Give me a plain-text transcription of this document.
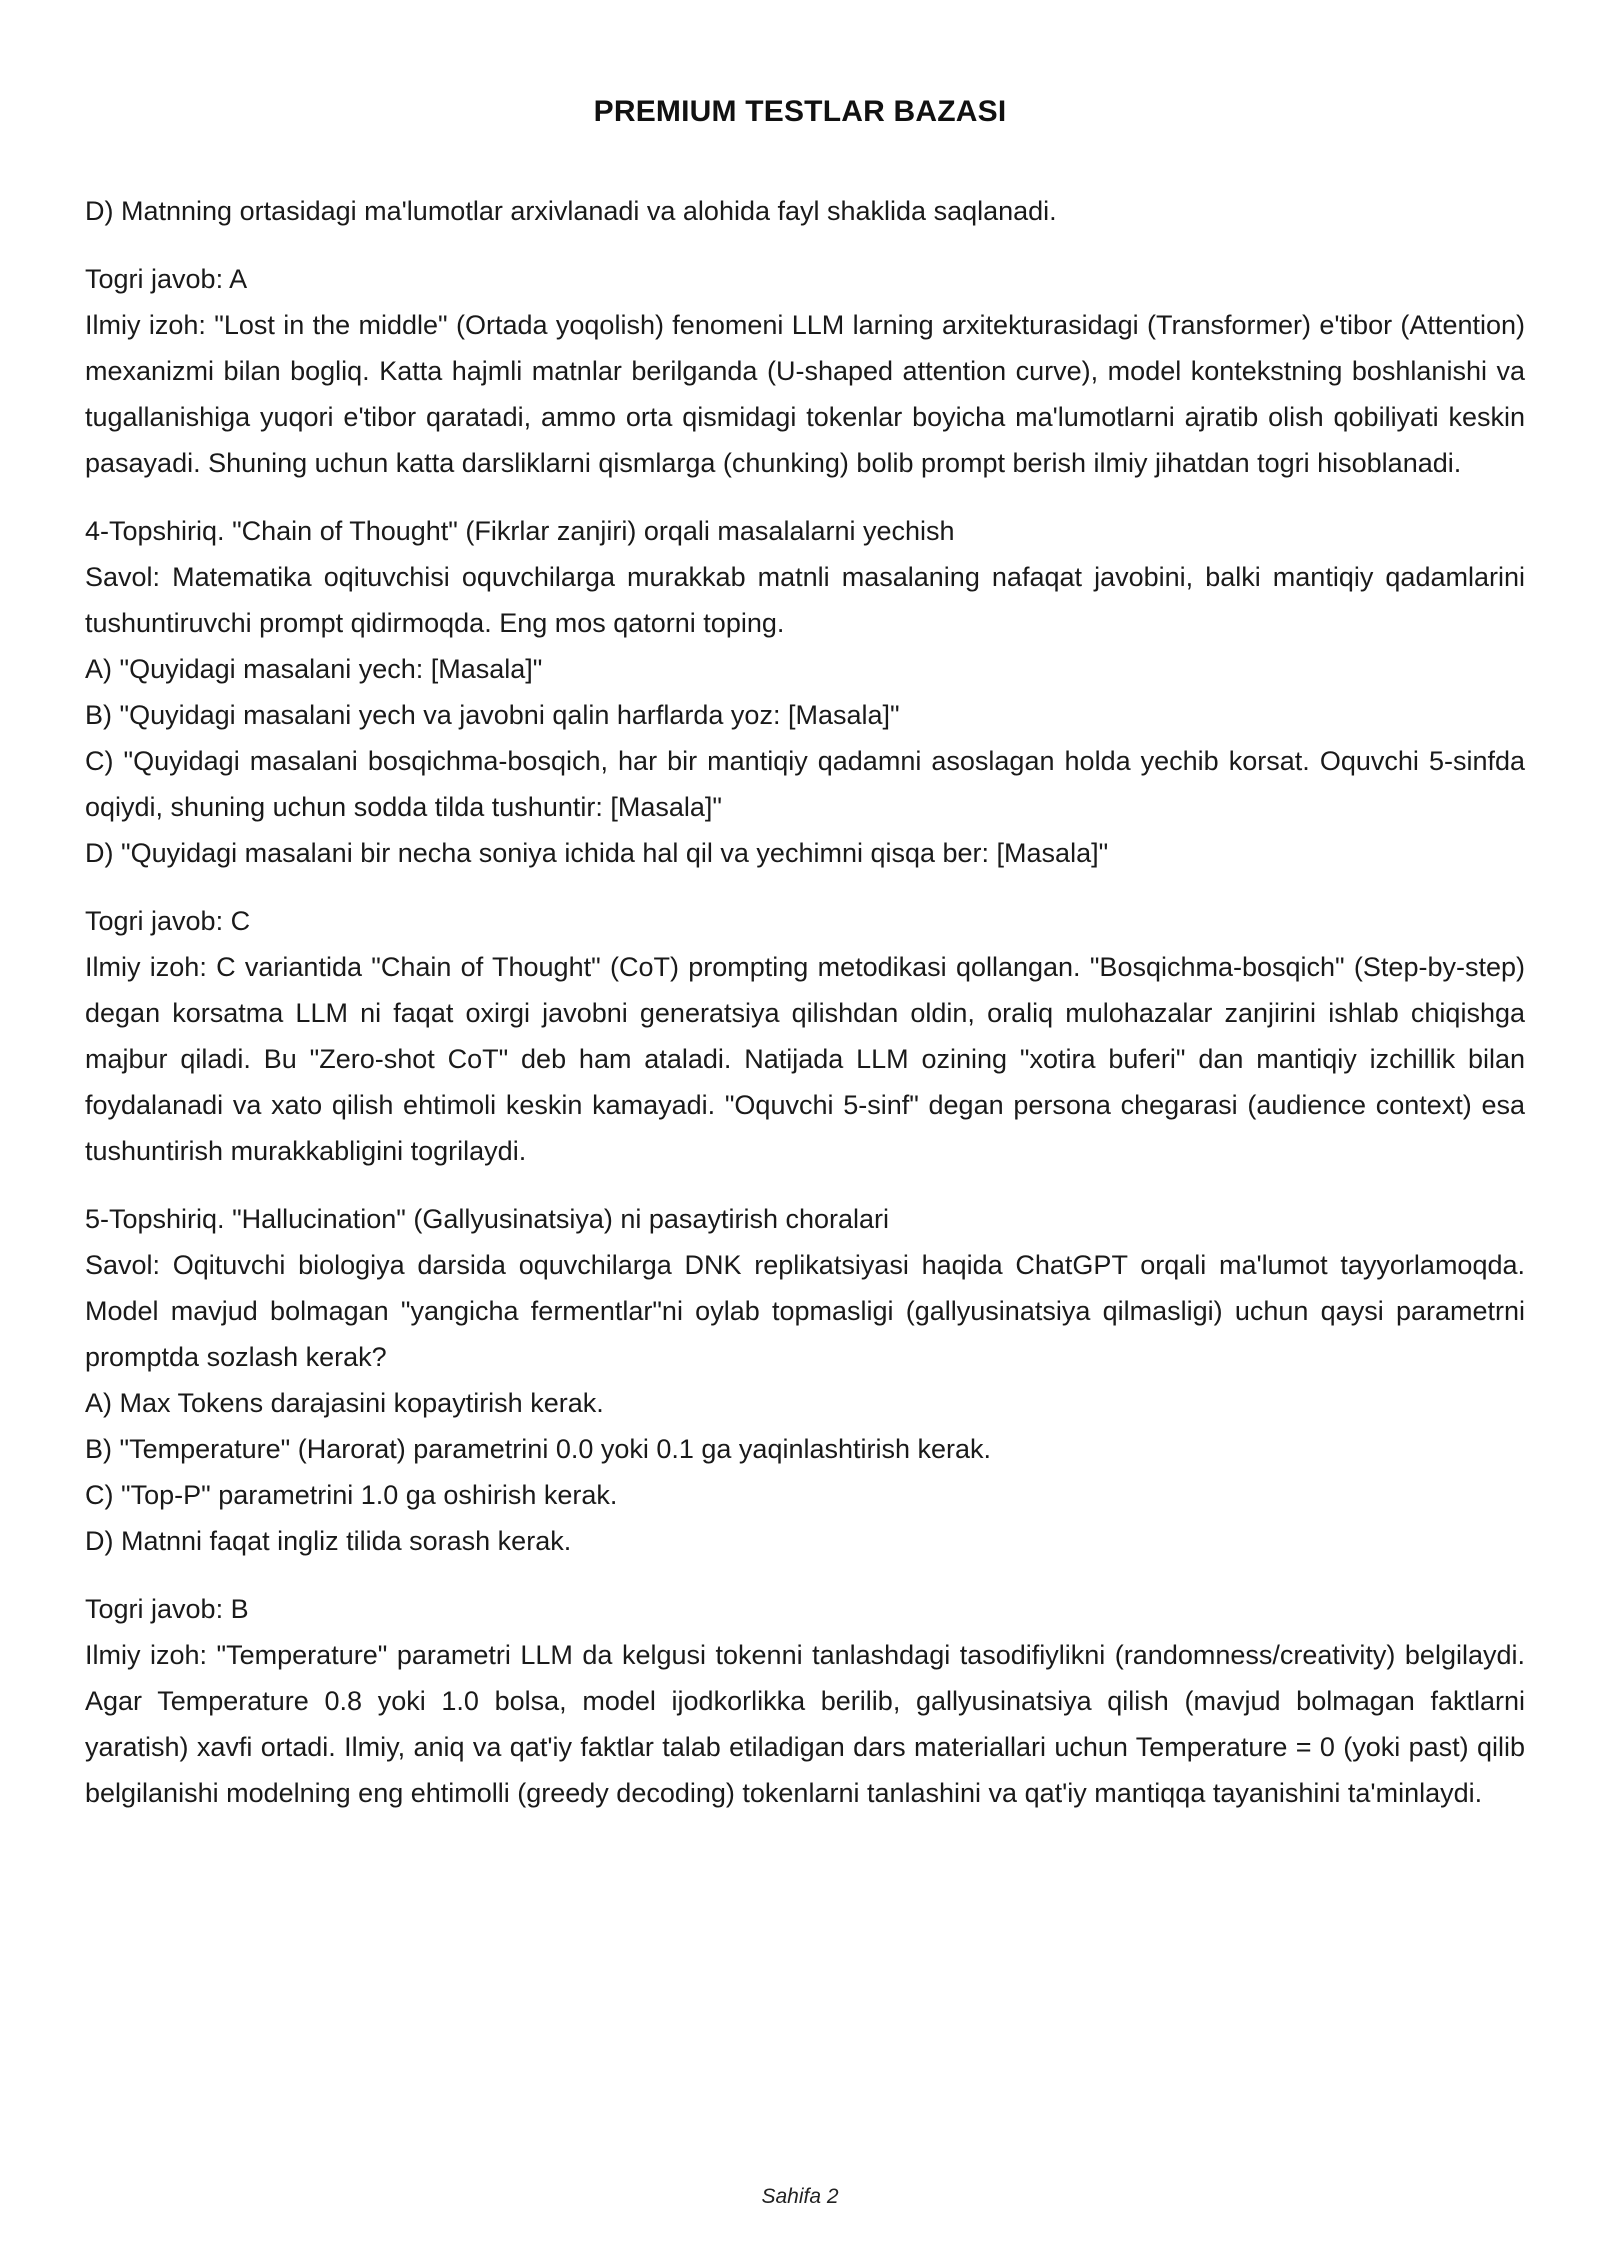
PREMIUM TESTLAR BAZASI
D) Matnning ortasidagi ma'lumotlar arxivlanadi va alohida fayl shaklida saqlanadi.
Togri javob: A
Ilmiy izoh: "Lost in the middle" (Ortada yoqolish) fenomeni LLM larning arxitekturasidagi (Transformer) e'tibor (Attention) mexanizmi bilan bogliq. Katta hajmli matnlar berilganda (U-shaped attention curve), model kontekstning boshlanishi va tugallanishiga yuqori e'tibor qaratadi, ammo orta qismidagi tokenlar boyicha ma'lumotlarni ajratib olish qobiliyati keskin pasayadi. Shuning uchun katta darsliklarni qismlarga (chunking) bolib prompt berish ilmiy jihatdan togri hisoblanadi.
4-Topshiriq. "Chain of Thought" (Fikrlar zanjiri) orqali masalalarni yechish
Savol: Matematika oqituvchisi oquvchilarga murakkab matnli masalaning nafaqat javobini, balki mantiqiy qadamlarini tushuntiruvchi prompt qidirmoqda. Eng mos qatorni toping.
A) "Quyidagi masalani yech: [Masala]"
B) "Quyidagi masalani yech va javobni qalin harflarda yoz: [Masala]"
C) "Quyidagi masalani bosqichma-bosqich, har bir mantiqiy qadamni asoslagan holda yechib korsat. Oquvchi 5-sinfda oqiydi, shuning uchun sodda tilda tushuntir: [Masala]"
D) "Quyidagi masalani bir necha soniya ichida hal qil va yechimni qisqa ber: [Masala]"
Togri javob: C
Ilmiy izoh: C variantida "Chain of Thought" (CoT) prompting metodikasi qollangan. "Bosqichma-bosqich" (Step-by-step) degan korsatma LLM ni faqat oxirgi javobni generatsiya qilishdan oldin, oraliq mulohazalar zanjirini ishlab chiqishga majbur qiladi. Bu "Zero-shot CoT" deb ham ataladi. Natijada LLM ozining "xotira buferi" dan mantiqiy izchillik bilan foydalanadi va xato qilish ehtimoli keskin kamayadi. "Oquvchi 5-sinf" degan persona chegarasi (audience context) esa tushuntirish murakkabligini togrilaydi.
5-Topshiriq. "Hallucination" (Gallyusinatsiya) ni pasaytirish choralari
Savol: Oqituvchi biologiya darsida oquvchilarga DNK replikatsiyasi haqida ChatGPT orqali ma'lumot tayyorlamoqda. Model mavjud bolmagan "yangicha fermentlar"ni oylab topmasligi (gallyusinatsiya qilmasligi) uchun qaysi parametrni promptda sozlash kerak?
A) Max Tokens darajasini kopaytirish kerak.
B) "Temperature" (Harorat) parametrini 0.0 yoki 0.1 ga yaqinlashtirish kerak.
C) "Top-P" parametrini 1.0 ga oshirish kerak.
D) Matnni faqat ingliz tilida sorash kerak.
Togri javob: B
Ilmiy izoh: "Temperature" parametri LLM da kelgusi tokenni tanlashdagi tasodifiylikni (randomness/creativity) belgilaydi. Agar Temperature 0.8 yoki 1.0 bolsa, model ijodkorlikka berilib, gallyusinatsiya qilish (mavjud bolmagan faktlarni yaratish) xavfi ortadi. Ilmiy, aniq va qat'iy faktlar talab etiladigan dars materiallari uchun Temperature = 0 (yoki past) qilib belgilanishi modelning eng ehtimolli (greedy decoding) tokenlarni tanlashini va qat'iy mantiqqa tayanishini ta'minlaydi.
Sahifa 2
